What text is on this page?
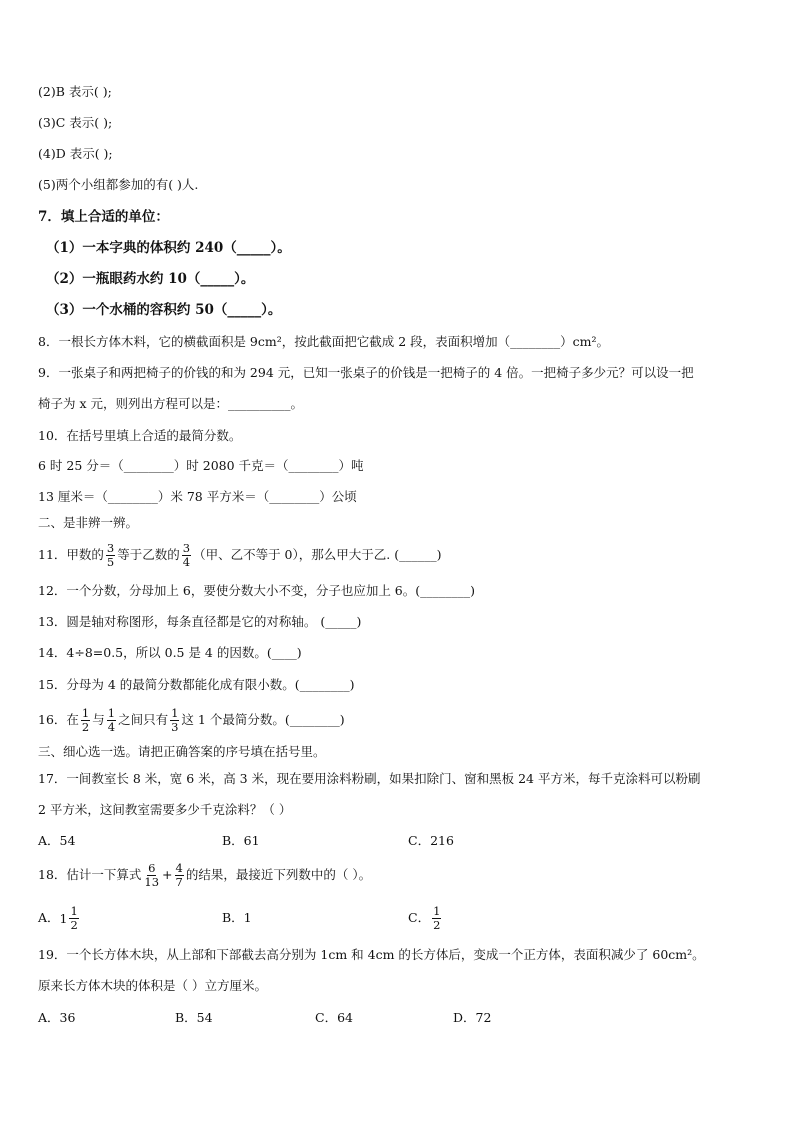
(2)B 表示( );
(3)C 表示( );
(4)D 表示( );
(5)两个小组都参加的有( )人.
7．填上合适的单位：
（1）一本字典的体积约 240（_____）。
（2）一瓶眼药水约 10（_____）。
（3）一个水桶的容积约 50（_____）。
8．一根长方体木料，它的横截面积是 9cm²，按此截面把它截成 2 段，表面积增加（________）cm²。
9．一张桌子和两把椅子的价钱的和为 294 元，已知一张桌子的价钱是一把椅子的 4 倍。一把椅子多少元？可以设一把
椅子为 x 元，则列出方程可以是：__________。
10．在括号里填上合适的最简分数。
6 时 25 分＝（________）时 2080 千克＝（________）吨
13 厘米＝（________）米 78 平方米＝（________）公顷
二、是非辨一辨。
11．甲数的 $\frac{3}{5}$ 等于乙数的 $\frac{3}{4}$ （甲、乙不等于 0），那么甲大于乙. (______)
12．一个分数，分母加上 6，要使分数大小不变，分子也应加上 6。(________)
13．圆是轴对称图形，每条直径都是它的对称轴。 (_____)
14．4÷8=0.5，所以 0.5 是 4 的因数。(____)
15．分母为 4 的最简分数都能化成有限小数。(________)
16．在 $\frac{1}{2}$ 与 $\frac{1}{4}$ 之间只有 $\frac{1}{3}$ 这 1 个最简分数。(________)
三、细心选一选。请把正确答案的序号填在括号里。
17．一间教室长 8 米，宽 6 米，高 3 米，现在要用涂料粉刷，如果扣除门、窗和黑板 24 平方米，每千克涂料可以粉刷
2 平方米，这间教室需要多少千克涂料？（ ）
A．54	B．61	C．216
18．估计一下算式 $\frac{6}{13} + \frac{4}{7}$ 的结果，最接近下列数中的（ ）。
A． $1 \frac{1}{2}$	B．1	C． $\frac{1}{2}$
19．一个长方体木块，从上部和下部截去高分别为 1cm 和 4cm 的长方体后，变成一个正方体，表面积减少了 60cm²。
原来长方体木块的体积是（ ）立方厘米。
A．36	B．54	C．64	D．72
